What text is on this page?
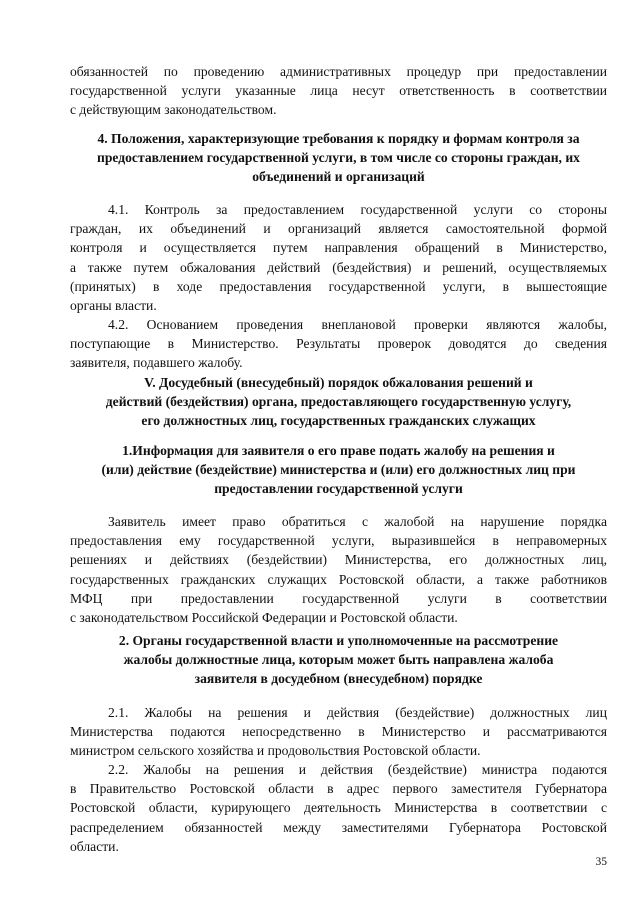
обязанностей по проведению административных процедур при предоставлении
государственной услуги указанные лица несут ответственность в соответствии
с действующим законодательством.
4. Положения, характеризующие требования к порядку и формам контроля за
предоставлением государственной услуги, в том числе со стороны граждан, их
объединений и организаций
4.1. Контроль за предоставлением государственной услуги со стороны
граждан, их объединений и организаций является самостоятельной формой
контроля и осуществляется путем направления обращений в Министерство,
а также путем обжалования действий (бездействия) и решений, осуществляемых
(принятых) в ходе предоставления государственной услуги, в вышестоящие
органы власти.
4.2. Основанием проведения внеплановой проверки являются жалобы,
поступающие в Министерство. Результаты проверок доводятся до сведения
заявителя, подавшего жалобу.
V. Досудебный (внесудебный) порядок обжалования решений и
действий (бездействия) органа, предоставляющего государственную услугу,
его должностных лиц, государственных гражданских служащих
1.Информация для заявителя о его праве подать жалобу на решения и
(или) действие (бездействие) министерства и (или) его должностных лиц при
предоставлении государственной услуги
Заявитель имеет право обратиться с жалобой на нарушение порядка
предоставления ему государственной услуги, выразившейся в неправомерных
решениях и действиях (бездействии) Министерства, его должностных лиц,
государственных гражданских служащих Ростовской области, а также работников
МФЦ при предоставлении государственной услуги в соответствии
с законодательством Российской Федерации и Ростовской области.
2. Органы государственной власти и уполномоченные на рассмотрение
жалобы должностные лица, которым может быть направлена жалоба
заявителя в досудебном (внесудебном) порядке
2.1. Жалобы на решения и действия (бездействие) должностных лиц
Министерства подаются непосредственно в Министерство и рассматриваются
министром сельского хозяйства и продовольствия Ростовской области.
2.2. Жалобы на решения и действия (бездействие) министра подаются
в Правительство Ростовской области в адрес первого заместителя Губернатора
Ростовской области, курирующего деятельность Министерства в соответствии с
распределением обязанностей между заместителями Губернатора Ростовской
области.
35
